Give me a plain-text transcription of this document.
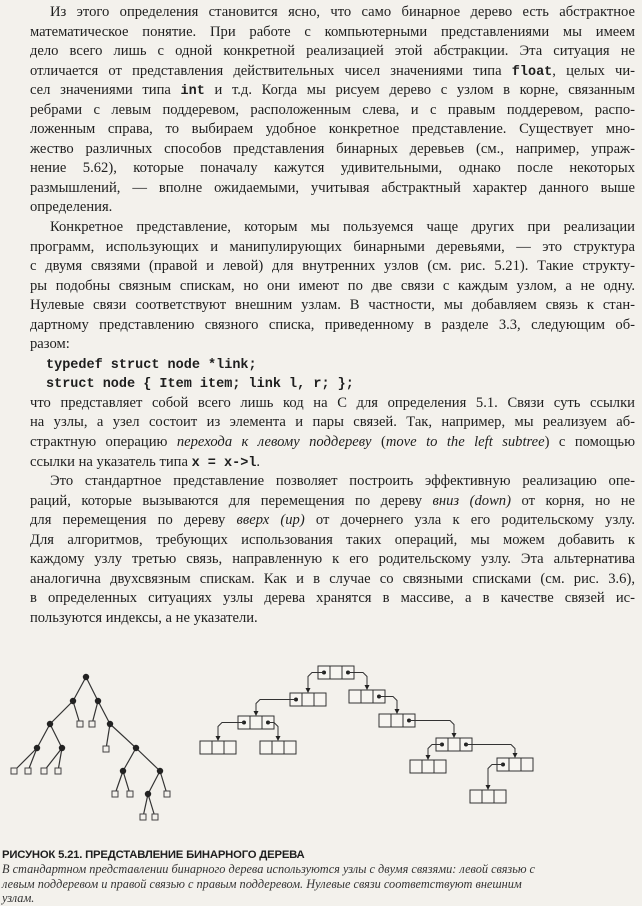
Из этого определения становится ясно, что само бинарное дерево есть абстрактное
математическое понятие. При работе с компьютерными представлениями мы имеем
дело всего лишь с одной конкретной реализацией этой абстракции. Эта ситуация не
отличается от представления действительных чисел значениями типа float, целых чи-
сел значениями типа int и т.д. Когда мы рисуем дерево с узлом в корне, связанным
ребрами с левым поддеревом, расположенным слева, и с правым поддеревом, распо-
ложенным справа, то выбираем удобное конкретное представление. Существует мно-
жество различных способов представления бинарных деревьев (см., например, упраж-
нение 5.62), которые поначалу кажутся удивительными, однако после некоторых
размышлений, — вполне ожидаемыми, учитывая абстрактный характер данного выше
определения.
Конкретное представление, которым мы пользуемся чаще других при реализации
программ, использующих и манипулирующих бинарными деревьями, — это структура
с двумя связями (правой и левой) для внутренних узлов (см. рис. 5.21). Такие структу-
ры подобны связным спискам, но они имеют по две связи с каждым узлом, а не одну.
Нулевые связи соответствуют внешним узлам. В частности, мы добавляем связь к стан-
дартному представлению связного списка, приведенному в разделе 3.3, следующим об-
разом:
typedef struct node *link;
struct node { Item item; link l, r; };
что представляет собой всего лишь код на C для определения 5.1. Связи суть ссылки
на узлы, а узел состоит из элемента и пары связей. Так, например, мы реализуем аб-
страктную операцию перехода к левому поддереву (move to the left subtree) с помощью
ссылки на указатель типа x = x->l.
Это стандартное представление позволяет построить эффективную реализацию опе-
раций, которые вызываются для перемещения по дереву вниз (down) от корня, но не
для перемещения по дереву вверх (up) от дочернего узла к его родительскому узлу.
Для алгоритмов, требующих использования таких операций, мы можем добавить к
каждому узлу третью связь, направленную к его родительскому узлу. Эта альтернатива
аналогична двухсвязным спискам. Как и в случае со связными списками (см. рис. 3.6),
в определенных ситуациях узлы дерева хранятся в массиве, а в качестве связей ис-
пользуются индексы, а не указатели.
РИСУНОК 5.21. ПРЕДСТАВЛЕНИЕ БИНАРНОГО ДЕРЕВА
В стандартном представлении бинарного дерева используются узлы с двумя связями: левой связью с
левым поддеревом и правой связью с правым поддеревом. Нулевые связи соответствуют внешним
узлам.
